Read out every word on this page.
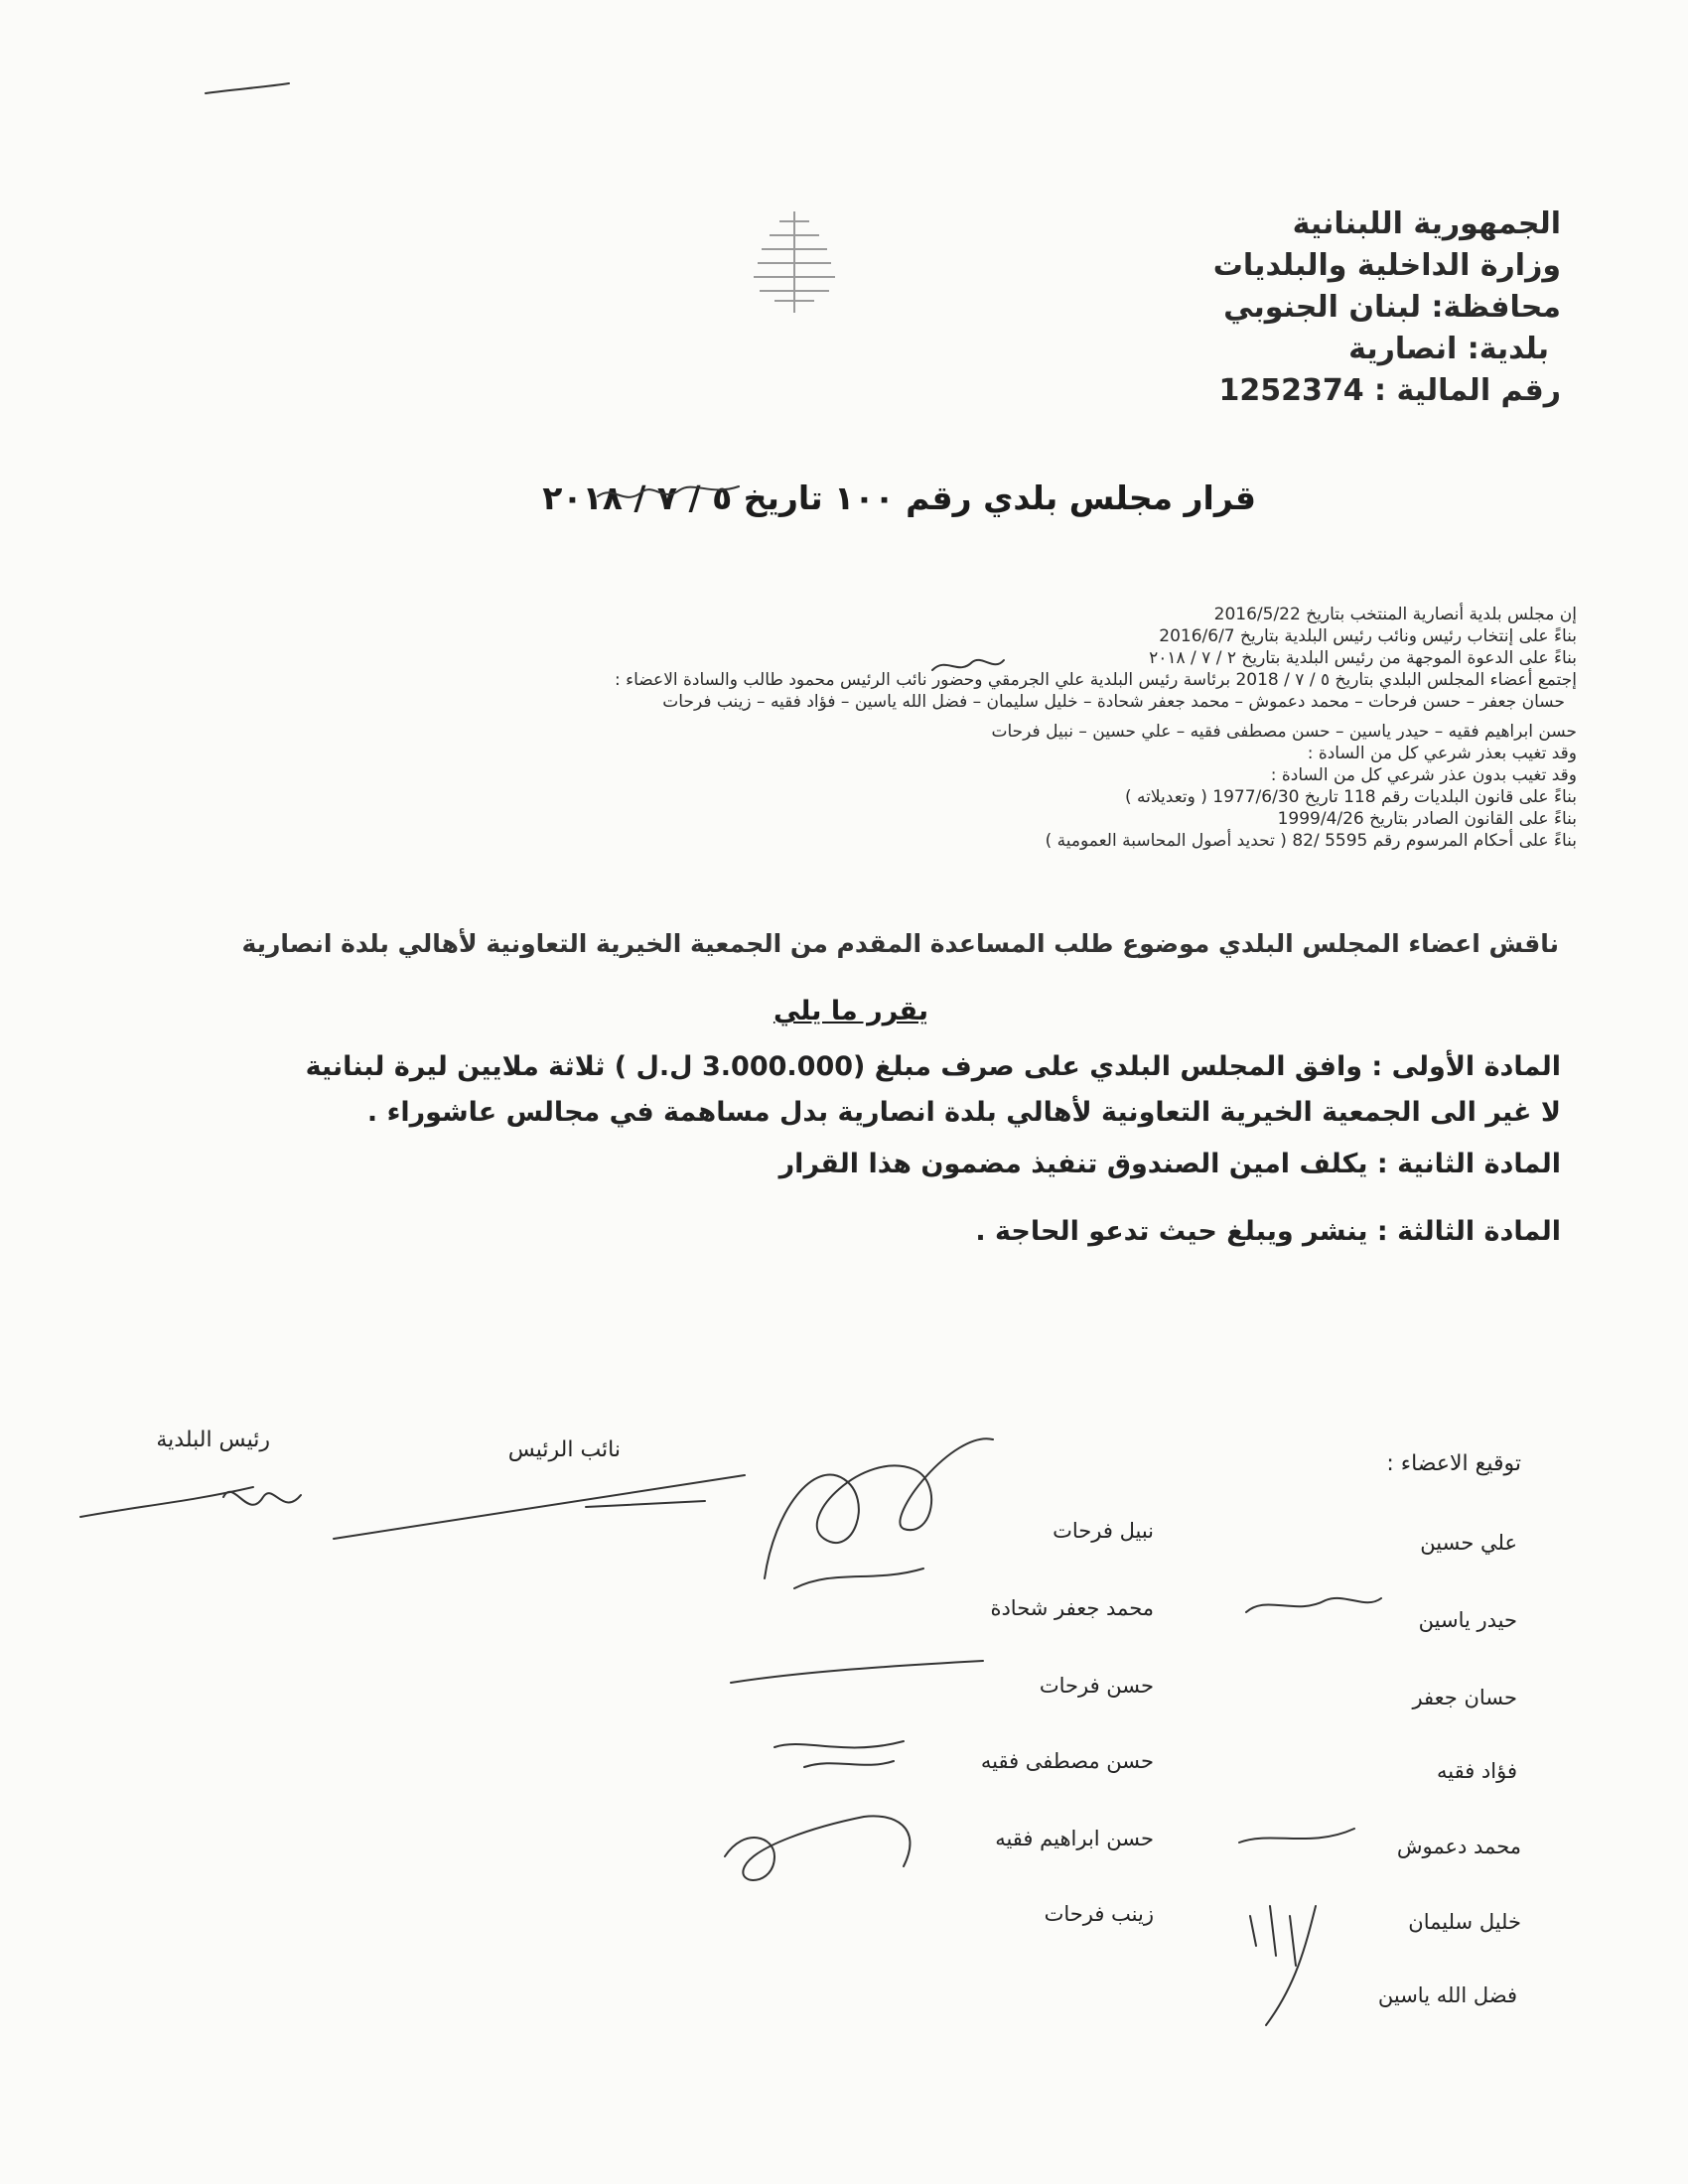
الجمهورية اللبنانية
وزارة الداخلية والبلديات
محافظة: لبنان الجنوبي
بلدية: انصارية
رقم المالية : 1252374
قرار مجلس بلدي رقم ١٠٠ تاريخ ٥ / ٧ / ٢٠١٨
إن مجلس بلدية أنصارية المنتخب بتاريخ 2016/5/22
بناءً على إنتخاب رئيس ونائب رئيس البلدية بتاريخ 2016/6/7
بناءً على الدعوة الموجهة من رئيس البلدية بتاريخ ٢ / ٧ / ٢٠١٨
إجتمع أعضاء المجلس البلدي بتاريخ ٥ / ٧ / 2018 برئاسة رئيس البلدية علي الجرمقي وحضور نائب الرئيس محمود طالب والسادة الاعضاء :
حسان جعفر – حسن فرحات – محمد دعموش – محمد جعفر شحادة – خليل سليمان – فضل الله ياسين – فؤاد فقيه – زينب فرحات
حسن ابراهيم فقيه – حيدر ياسين – حسن مصطفى فقيه – علي حسين – نبيل فرحات
وقد تغيب بعذر شرعي كل من السادة :
وقد تغيب بدون عذر شرعي كل من السادة :
بناءً على قانون البلديات رقم 118 تاريخ 1977/6/30 ( وتعديلاته )
بناءً على القانون الصادر بتاريخ 1999/4/26
بناءً على أحكام المرسوم رقم 5595 /82 ( تحديد أصول المحاسبة العمومية )
ناقش اعضاء المجلس البلدي موضوع طلب المساعدة المقدم من الجمعية الخيرية التعاونية لأهالي بلدة انصارية
يقرر ما يلي
المادة الأولى : وافق المجلس البلدي على صرف مبلغ (3.000.000 ل.ل ) ثلاثة ملايين ليرة لبنانية
لا غير الى الجمعية الخيرية التعاونية لأهالي بلدة انصارية بدل مساهمة في مجالس عاشوراء .
المادة الثانية : يكلف امين الصندوق تنفيذ مضمون هذا القرار
المادة الثالثة : ينشر ويبلغ حيث تدعو الحاجة .
رئيس البلدية	نائب الرئيس
توقيع الاعضاء :
علي حسين
حيدر ياسين
حسان جعفر
فؤاد فقيه
محمد دعموش
خليل سليمان
فضل الله ياسين
نبيل فرحات
محمد جعفر شحادة
حسن فرحات
حسن مصطفى فقيه
حسن ابراهيم فقيه
زينب فرحات
